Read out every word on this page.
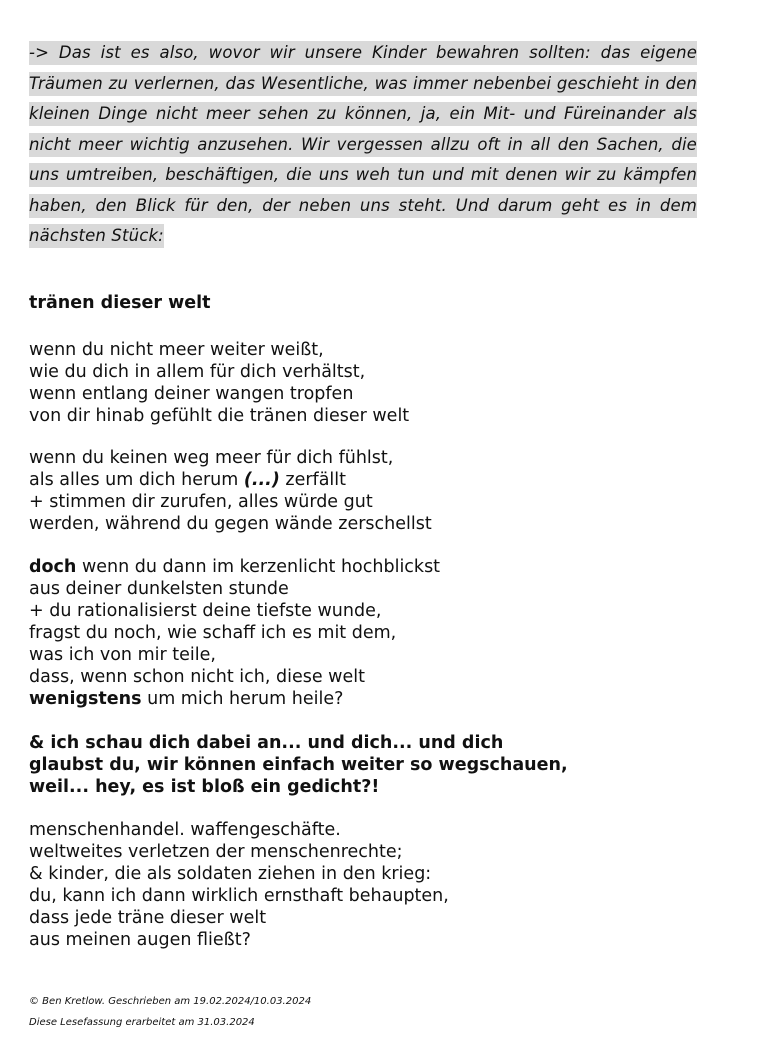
-> Das ist es also, wovor wir unsere Kinder bewahren sollten: das eigene Träumen zu verlernen, das Wesentliche, was immer nebenbei geschieht in den kleinen Dinge nicht meer sehen zu können, ja, ein Mit- und Füreinander als nicht meer wichtig anzusehen. Wir vergessen allzu oft in all den Sachen, die uns umtreiben, beschäftigen, die uns weh tun und mit denen wir zu kämpfen haben, den Blick für den, der neben uns steht. Und darum geht es in dem nächsten Stück:
tränen dieser welt
wenn du nicht meer weiter weißt,
wie du dich in allem für dich verhältst,
wenn entlang deiner wangen tropfen
von dir hinab gefühlt die tränen dieser welt
wenn du keinen weg meer für dich fühlst,
als alles um dich herum (...) zerfällt
+ stimmen dir zurufen, alles würde gut
werden, während du gegen wände zerschellst
doch wenn du dann im kerzenlicht hochblickst
aus deiner dunkelsten stunde
+ du rationalisierst deine tiefste wunde,
fragst du noch, wie schaff ich es mit dem,
was ich von mir teile,
dass, wenn schon nicht ich, diese welt
wenigstens um mich herum heile?
& ich schau dich dabei an... und dich... und dich
glaubst du, wir können einfach weiter so wegschauen,
weil... hey, es ist bloß ein gedicht?!
menschenhandel. waffengeschäfte.
weltweites verletzen der menschenrechte;
& kinder, die als soldaten ziehen in den krieg:
du, kann ich dann wirklich ernsthaft behaupten,
dass jede träne dieser welt
aus meinen augen fließt?
© Ben Kretlow. Geschrieben am 19.02.2024/10.03.2024
Diese Lesefassung erarbeitet am 31.03.2024
